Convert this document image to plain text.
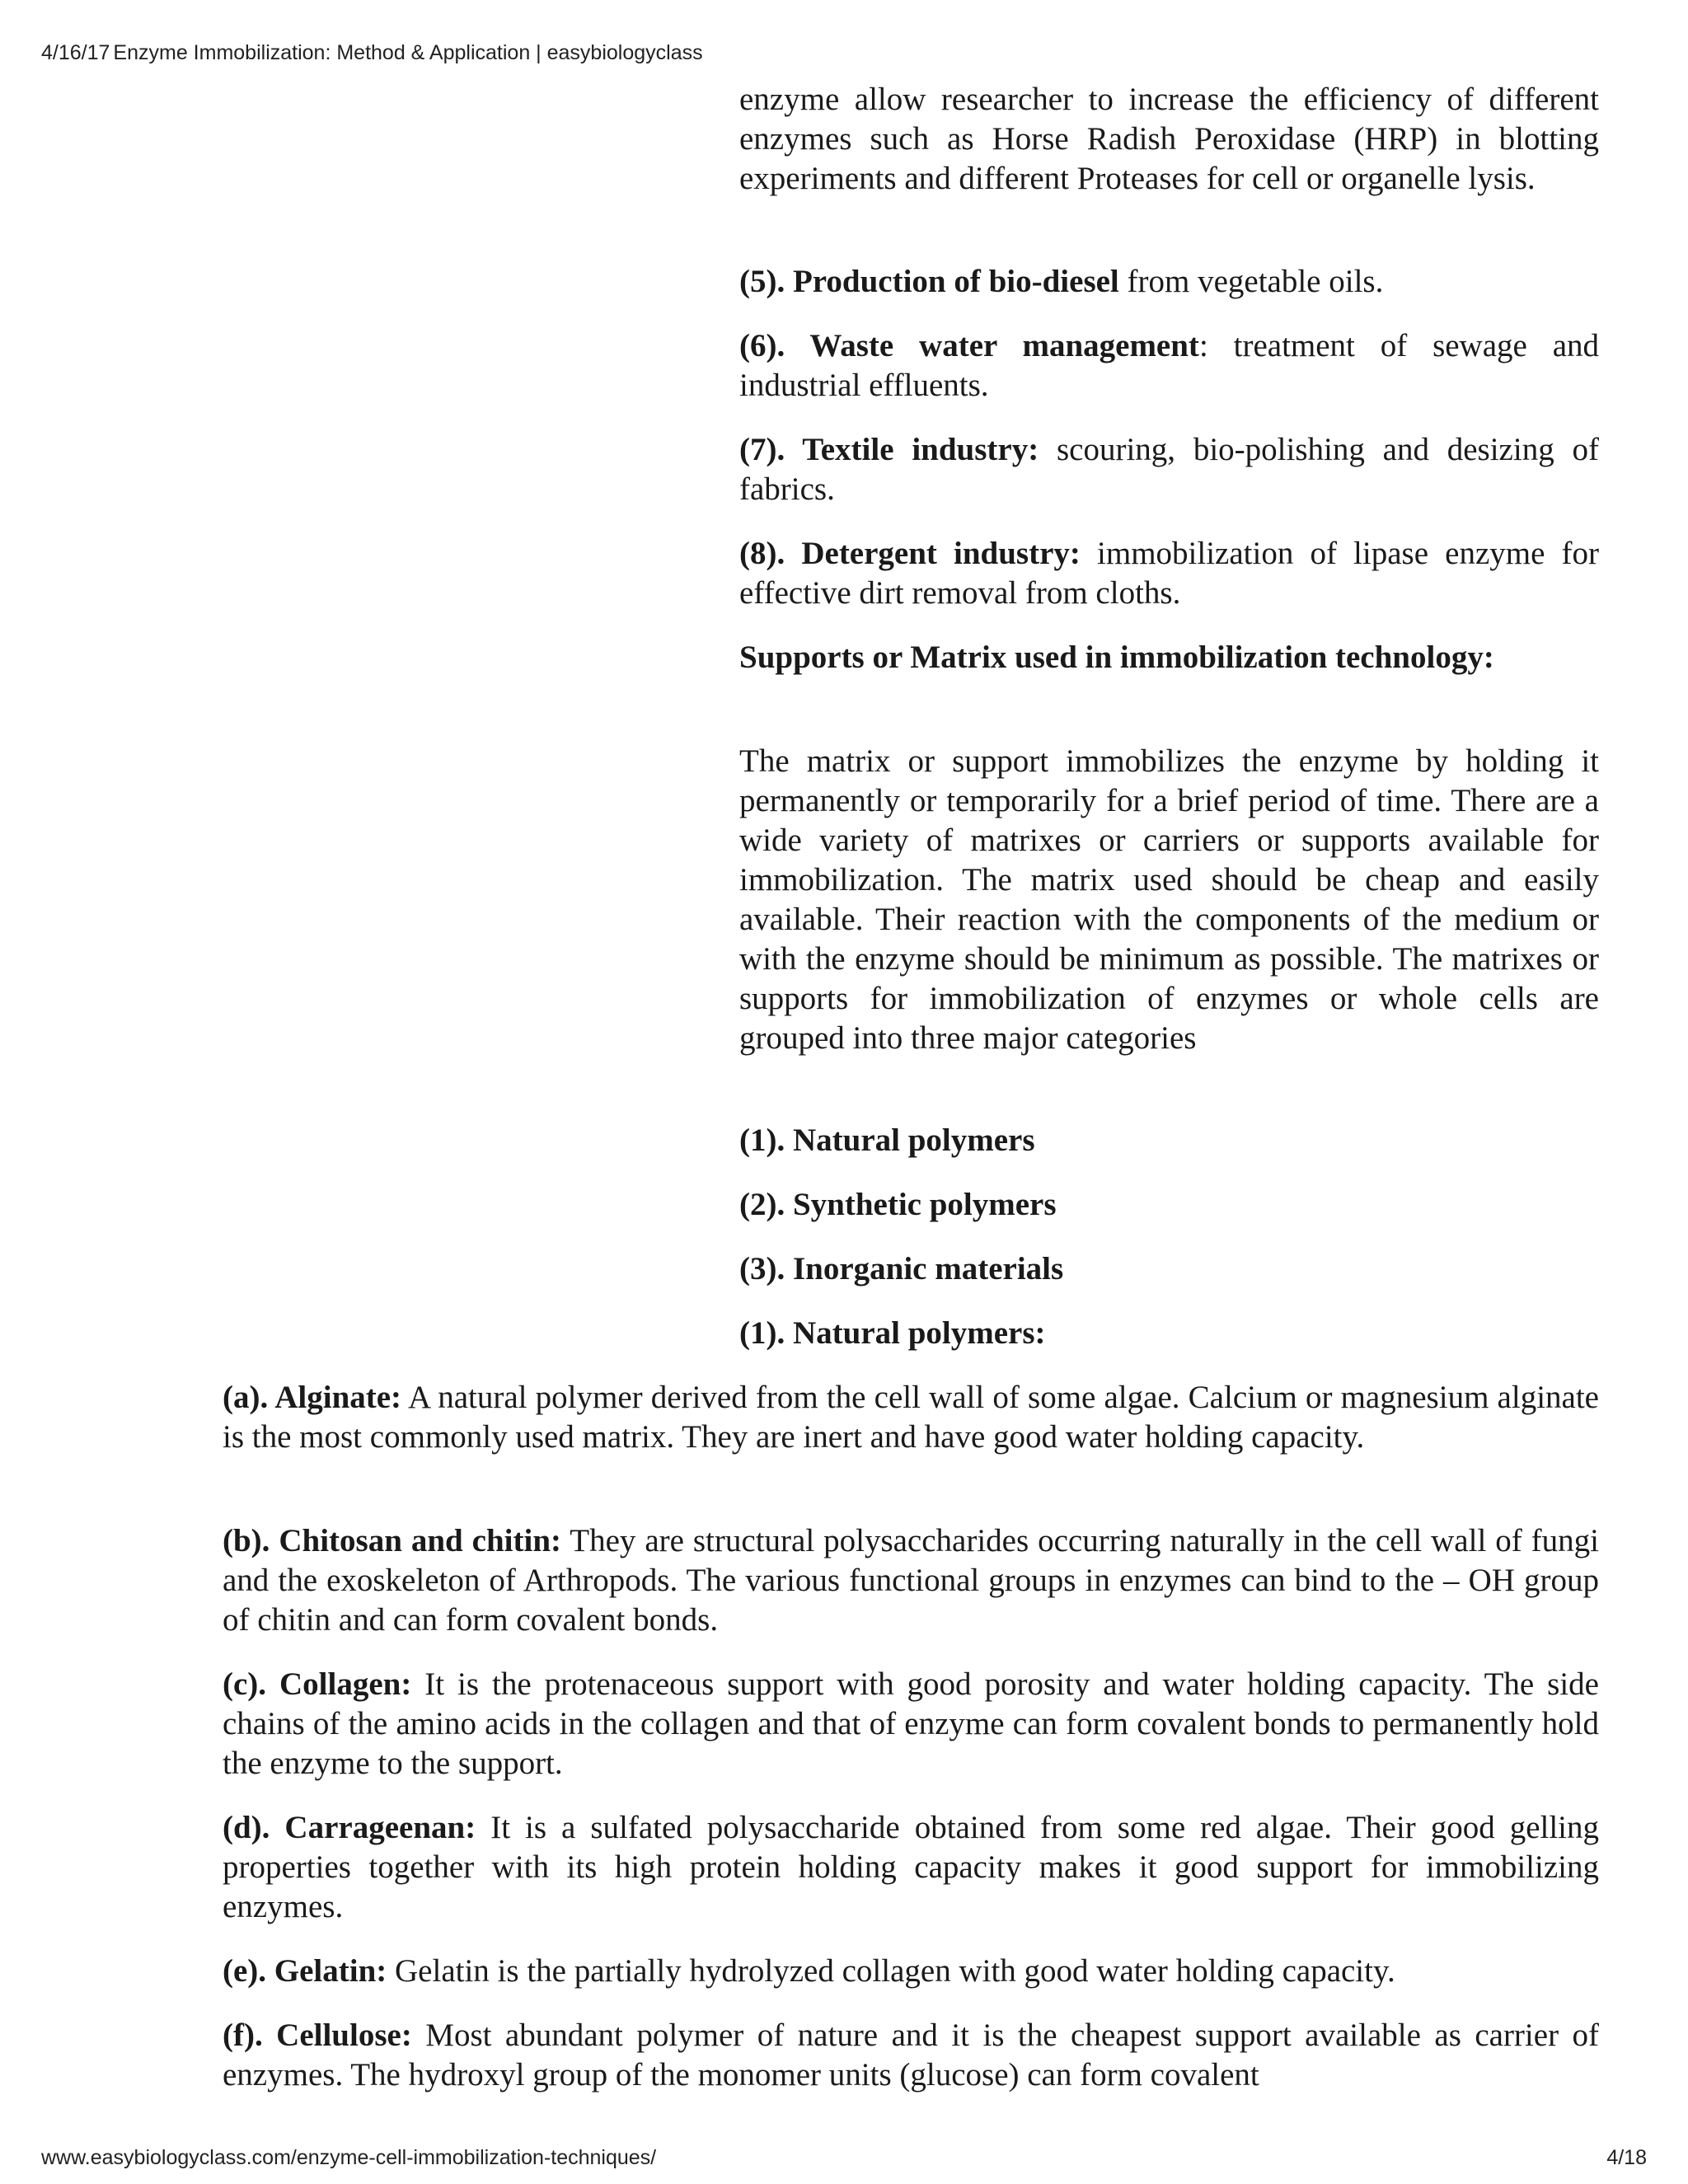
4/16/17 Enzyme Immobilization: Method & Application | easybiologyclass

enzyme allow researcher to increase the efficiency of different enzymes such as Horse Radish Peroxidase (HRP) in blotting experiments and different Proteases for cell or organelle lysis.

(5). Production of bio-diesel from vegetable oils.

(6). Waste water management: treatment of sewage and industrial effluents.

(7). Textile industry: scouring, bio-polishing and desizing of fabrics.

(8). Detergent industry: immobilization of lipase enzyme for effective dirt removal from cloths.

Supports or Matrix used in immobilization technology:

The matrix or support immobilizes the enzyme by holding it permanently or temporarily for a brief period of time. There are a wide variety of matrixes or carriers or supports available for immobilization. The matrix used should be cheap and easily available. Their reaction with the components of the medium or with the enzyme should be minimum as possible. The matrixes or supports for immobilization of enzymes or whole cells are grouped into three major categories

(1). Natural polymers

(2). Synthetic polymers

(3). Inorganic materials

(1). Natural polymers:

(a). Alginate: A natural polymer derived from the cell wall of some algae. Calcium or magnesium alginate is the most commonly used matrix. They are inert and have good water holding capacity.

(b). Chitosan and chitin: They are structural polysaccharides occurring naturally in the cell wall of fungi and the exoskeleton of Arthropods. The various functional groups in enzymes can bind to the – OH group of chitin and can form covalent bonds.

(c). Collagen: It is the protenaceous support with good porosity and water holding capacity. The side chains of the amino acids in the collagen and that of enzyme can form covalent bonds to permanently hold the enzyme to the support.

(d). Carrageenan: It is a sulfated polysaccharide obtained from some red algae. Their good gelling properties together with its high protein holding capacity makes it good support for immobilizing enzymes.

(e). Gelatin: Gelatin is the partially hydrolyzed collagen with good water holding capacity.

(f). Cellulose: Most abundant polymer of nature and it is the cheapest support available as carrier of enzymes. The hydroxyl group of the monomer units (glucose) can form covalent

www.easybiologyclass.com/enzyme-cell-immobilization-techniques/	4/18
